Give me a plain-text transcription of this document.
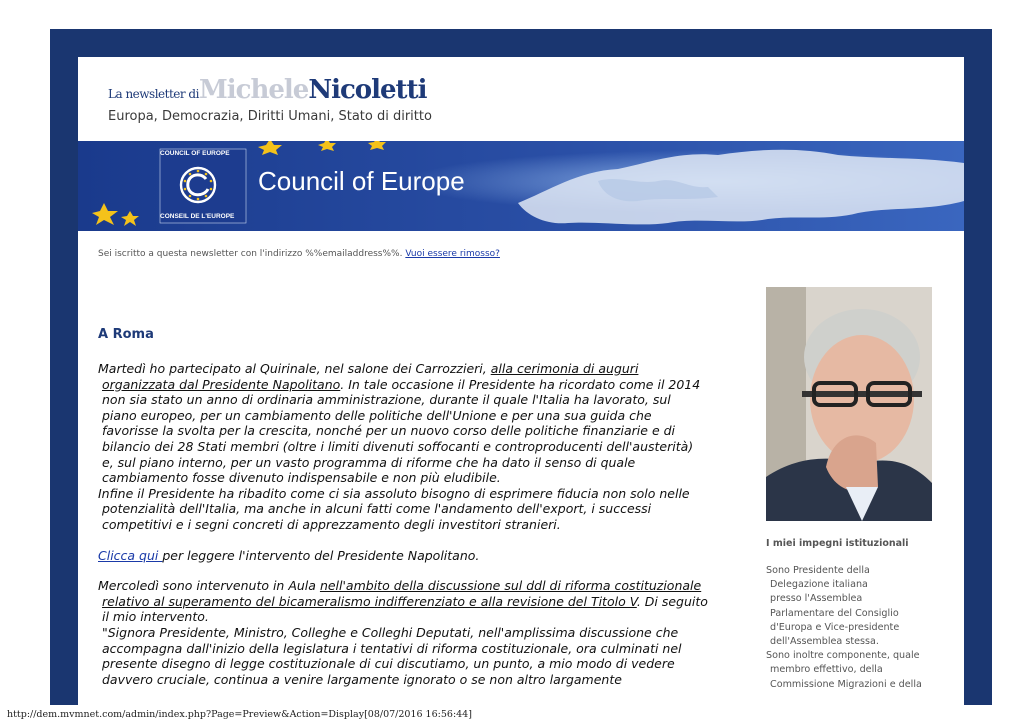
La newsletter diMicheleNicoletti
Europa, Democrazia, Diritti Umani, Stato di diritto
COUNCIL OF EUROPE
CONSEIL DE L'EUROPE
Council of Europe
Sei iscritto a questa newsletter con l'indirizzo %%emailaddress%%. Vuoi essere rimosso?
A Roma

Martedì ho partecipato al Quirinale, nel salone dei Carrozzieri, alla cerimonia di auguri
organizzata dal Presidente Napolitano. In tale occasione il Presidente ha ricordato come il 2014
non sia stato un anno di ordinaria amministrazione, durante il quale l'Italia ha lavorato, sul
piano europeo, per un cambiamento delle politiche dell'Unione e per una sua guida che
favorisse la svolta per la crescita, nonché per un nuovo corso delle politiche finanziarie e di
bilancio dei 28 Stati membri (oltre i limiti divenuti soffocanti e controproducenti dell'austerità)
e, sul piano interno, per un vasto programma di riforme che ha dato il senso di quale
cambiamento fosse divenuto indispensabile e non più eludibile.
Infine il Presidente ha ribadito come ci sia assoluto bisogno di esprimere fiducia non solo nelle
potenzialità dell'Italia, ma anche in alcuni fatti come l'andamento dell'export, i successi
competitivi e i segni concreti di apprezzamento degli investitori stranieri.

Clicca qui per leggere l'intervento del Presidente Napolitano.

Mercoledì sono intervenuto in Aula nell'ambito della discussione sul ddl di riforma costituzionale
relativo al superamento del bicameralismo indifferenziato e alla revisione del Titolo V. Di seguito
il mio intervento.
"Signora Presidente, Ministro, Colleghe e Colleghi Deputati, nell'amplissima discussione che
accompagna dall'inizio della legislatura i tentativi di riforma costituzionale, ora culminati nel
presente disegno di legge costituzionale di cui discutiamo, un punto, a mio modo di vedere
davvero cruciale, continua a venire largamente ignorato o se non altro largamente

I miei impegni istituzionali
Sono Presidente della
Delegazione italiana
presso l'Assemblea
Parlamentare del Consiglio
d'Europa e Vice-presidente
dell'Assemblea stessa.
Sono inoltre componente, quale
membro effettivo, della
Commissione Migrazioni e della
http://dem.mvmnet.com/admin/index.php?Page=Preview&Action=Display[08/07/2016 16:56:44]
